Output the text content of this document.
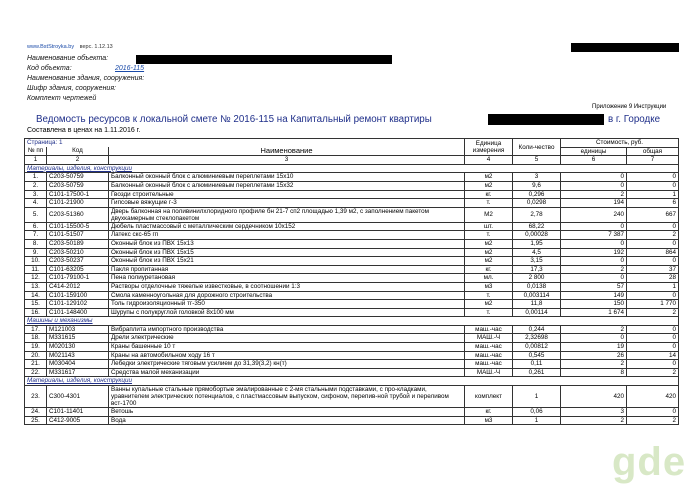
www.BstStroyka.by верс. 1.12.13
Наименование объекта:
Код объекта:	2016-115
Наименование здания, сооружения:
Шифр здания, сооружения:
Комплект чертежей
Приложение 9 Инструкции
Ведомость ресурсов к локальной смете № 2016-115 на Капитальный ремонт квартиры	в г. Городке
Составлена в ценах на 1.11.2016 г.
Страница: 1			Единица измерения	Коли-чество	Стоимость, руб.	
№ пп	Код	Наименование			единицы	общая

1	2	3	4	5	6	7
Материалы, изделия, конструкции						
1.	С203-50759	Балконный оконный блок с алюминиевым переплетами 15х10	м2	3	0	0
2.	С203-50759	Балконный оконный блок с алюминиевым переплетами 15х32	м2	9,6	0	0
3.	С101-17500-1	Гвозди строительные	кг.	0,296	2	1
4.	С101-21900	Гипсовые вяжущие г-3	т.	0,0298	194	6
5.	С203-51360	Дверь балконная на поливинилхлоридного профиле бн 21-7 сп2 площадью 1,39 м2, с заполнением пакетом двухкамерным стеклопакетом	М2	2,78	240	667
6.	С101-15500-5	Дюбель пластмассовый с металлическим сердечником 10х152	шт.	68,22	0	0
7.	С101-51507	Латекс скс-65 гп	т.	0,00028	7 387	2
8.	С203-50189	Оконный блок из ПВХ 15х13	м2	1,95	0	0
9.	С203-50210	Оконный блок из ПВХ 15х15	м2	4,5	192	864
10.	С203-50237	Оконный блок из ПВХ 15х21	м2	3,15	0	0
11.	С101-63205	Пакля пропитанная	кг.	17,3	2	37
12.	С101-79100-1	Пена полиуретановая	мл.	2 800	0	28
13.	С414-2012	Растворы отделочные тяжелые известковые, в соотношении 1:3	м3	0,0138	57	1
14.	С101-159100	Смола каменноугольная для дорожного строительства	т.	0,003114	149	0
15.	С101-129102	Толь гидроизоляционный тг-350	м2	11,8	150	1 770
16.	С101-148400	Шурупы с полукруглой головкой 8х100 мм	т.	0,00114	1 674	2
Машины и механизмы						
17.	М121003	Вибраплита импортного производства	маш.-час	0,244	2	0
18.	М331615	Дрели электрические	МАШ.-Ч	2,32698	0	0
19.	М020130	Краны башенные 10 т	маш.-час	0,00812	19	0
20.	М021143	Краны на автомобильном ходу 16 т	маш.-час	0,545	26	14
21.	М030404	Лебедки электрические тяговым усилием до 31,39(3,2) кн(т)	маш.-час	0,11	2	0
22.	М331617	Средства малой механизации	МАШ.-Ч	0,261	8	2
Материалы, изделия, конструкции						
23.	С300-4301	Ванны купальные стальные прямобортые эмалированные с 2-мя стальными подставками, с про-кладками, уравнителем электрических потенциалов, с пластмассовым выпуском, сифоном, перепив-ной трубой и переливом вст-1700	комплект	1	420	420
24.	С101-11401	Ветошь	кг.	0,06	3	0
25.	С412-9005	Вода	м3	1	2	2
gde
